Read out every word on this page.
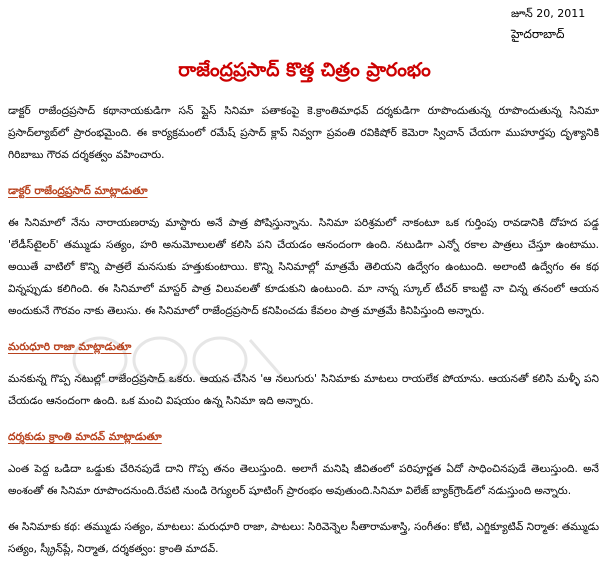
జూన్ 20, 2011
హైదరాబాద్
రాజేంద్రప్రసాద్ కొత్త చిత్రం ప్రారంభం

డాక్టర్ రాజేంద్రప్రసాద్ కథానాయకుడిగా సన్ ప్లైస్ సినిమా పతాకంపై కె.క్రాంతిమాధవ్ దర్శకుడిగా రూపొందుతున్న రూపొందుతున్న సినిమా ప్రసాద్‌ల్యాబ్‌లో ప్రారంభమైంది. ఈ కార్యక్రమంలో రమేష్ ప్రసాద్ క్లాప్ నివ్వగా ప్రవంతి రవికిషోర్ కెమెరా స్విచాన్ చేయగా ముహూర్తపు దృశ్యానికి గిరిబాబు గౌరవ దర్శకత్వం వహించారు.

డాక్టర్ రాజేంద్రప్రసాద్ మాట్లాడుతూ

ఈ సినిమాలో నేను నారాయణరావు మాస్టారు అనే పాత్ర పోషిస్తున్నాను. సినిమా పరిశ్రమలో నాకంటూ ఒక గుర్తింపు రావడానికి దోహద పడ్డ 'లేడీస్‌టైలర్' తమ్ముడు సత్యం, హరి అనుమోలులతో కలిసి పని చేయడం ఆనందంగా ఉంది. నటుడిగా ఎన్నో రకాల పాత్రలు చేస్తూ ఉంటాము. అయితే వాటిలో కొన్ని పాత్రలే మనసుకు హత్తుకుంటాయి. కొన్ని సినిమాల్లో మాత్రమే తెలియని ఉద్వేగం ఉంటుంది. అలాంటి ఉద్వేగం ఈ కథ విన్నప్పుడు కలిగింది. ఈ సినిమాలో మాస్టర్ పాత్ర విలువలతో కూడుకుని ఉంటుంది. మా నాన్న స్కూల్ టీచర్ కాబట్టి నా చిన్న తనంలో ఆయన అందుకునే గౌరవం నాకు తెలుసు. ఈ సినిమాలో రాజేంద్రప్రసాద్ కనిపించడు కేవలం పాత్ర మాత్రమే కినిపిస్తుంది అన్నారు.

మరుధూరి రాజా మాట్లాడుతూ

మనకున్న గొప్ప నటుల్లో రాజేంద్రప్రసాద్ ఒకరు. ఆయన చేసిన 'ఆ నలుగురు' సినిమాకు మాటలు రాయలేక పోయాను. ఆయనతో కలిసి మళ్ళీ పని చేయడం ఆనందంగా ఉంది. ఒక మంచి విషయం ఉన్న సినిమా ఇది అన్నారు.

దర్శకుడు క్రాంతి మాదవ్ మాట్లాడుతూ

ఎంత పెద్ద ఒడిదా ఒడ్డుకు చేరినపుడే దాని గొప్ప తనం తెలుస్తుంది. అలాగే మనిషి జీవితంలో పరిపూర్ణత ఏదో సాధించినపుడే తెలుస్తుంది. అనే అంశంతో ఈ సినిమా రూపొందనుంది.రేపటి నుండి రెగ్యులర్ షూటింగ్ ప్రారంభం అవుతుంది.సినిమా విలేజ్ బ్యాక్‌గ్రౌండ్‌లో నడుస్తుంది అన్నారు.

ఈ సినిమాకు కథ: తమ్ముడు సత్యం, మాటలు: మరుధూరి రాజా, పాటలు: సిరివెన్నెల సీతారామశాస్త్రి, సంగీతం: కోటి, ఎగ్జిక్యూటివ్ నిర్మాత: తమ్ముడు సత్యం, స్క్రీన్‌ప్లే, నిర్మాత, దర్శకత్వం: క్రాంతి మాదవ్.
